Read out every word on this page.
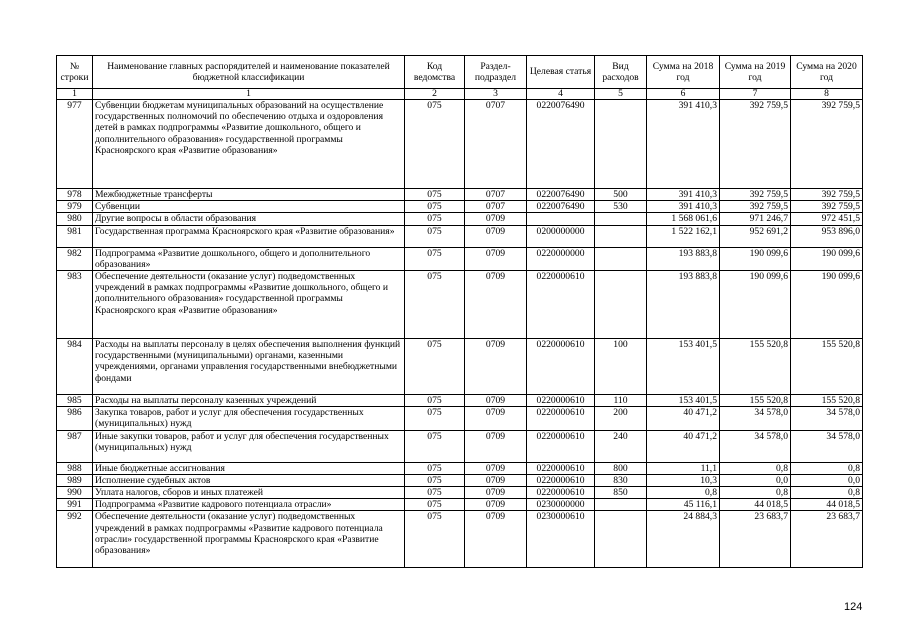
№ строки	Наименование главных распорядителей и наименование показателей бюджетной классификации	Код ведомства	Раздел-подраздел	Целевая статья	Вид расходов	Сумма на 2018 год	Сумма на 2019 год	Сумма на 2020 год
1	1	2	3	4	5	6	7	8
977	Субвенции бюджетам муниципальных образований на осуществление государственных полномочий по обеспечению отдыха и оздоровления детей в рамках подпрограммы «Развитие дошкольного, общего и дополнительного образования» государственной программы Красноярского края «Развитие образования»	075	0707	0220076490		391 410,3	392 759,5	392 759,5
978	Межбюджетные трансферты	075	0707	0220076490	500	391 410,3	392 759,5	392 759,5
979	Субвенции	075	0707	0220076490	530	391 410,3	392 759,5	392 759,5
980	Другие вопросы в области образования	075	0709			1 568 061,6	971 246,7	972 451,5
981	Государственная программа Красноярского края «Развитие образования»	075	0709	0200000000		1 522 162,1	952 691,2	953 896,0
982	Подпрограмма «Развитие дошкольного, общего и дополнительного образования»	075	0709	0220000000		193 883,8	190 099,6	190 099,6
983	Обеспечение деятельности (оказание услуг) подведомственных учреждений в рамках подпрограммы «Развитие дошкольного, общего и дополнительного образования» государственной программы Красноярского края «Развитие образования»	075	0709	0220000610		193 883,8	190 099,6	190 099,6
984	Расходы на выплаты персоналу в целях обеспечения выполнения функций государственными (муниципальными) органами, казенными учреждениями, органами управления государственными внебюджетными фондами	075	0709	0220000610	100	153 401,5	155 520,8	155 520,8
985	Расходы на выплаты персоналу казенных учреждений	075	0709	0220000610	110	153 401,5	155 520,8	155 520,8
986	Закупка товаров, работ и услуг для обеспечения государственных (муниципальных) нужд	075	0709	0220000610	200	40 471,2	34 578,0	34 578,0
987	Иные закупки товаров, работ и услуг для обеспечения государственных (муниципальных) нужд	075	0709	0220000610	240	40 471,2	34 578,0	34 578,0
988	Иные бюджетные ассигнования	075	0709	0220000610	800	11,1	0,8	0,8
989	Исполнение судебных актов	075	0709	0220000610	830	10,3	0,0	0,0
990	Уплата налогов, сборов и иных платежей	075	0709	0220000610	850	0,8	0,8	0,8
991	Подпрограмма «Развитие кадрового потенциала отрасли»	075	0709	0230000000		45 116,1	44 018,5	44 018,5
992	Обеспечение деятельности (оказание услуг) подведомственных учреждений в рамках подпрограммы «Развитие кадрового потенциала отрасли» государственной программы Красноярского края «Развитие образования»	075	0709	0230000610		24 884,3	23 683,7	23 683,7
124
